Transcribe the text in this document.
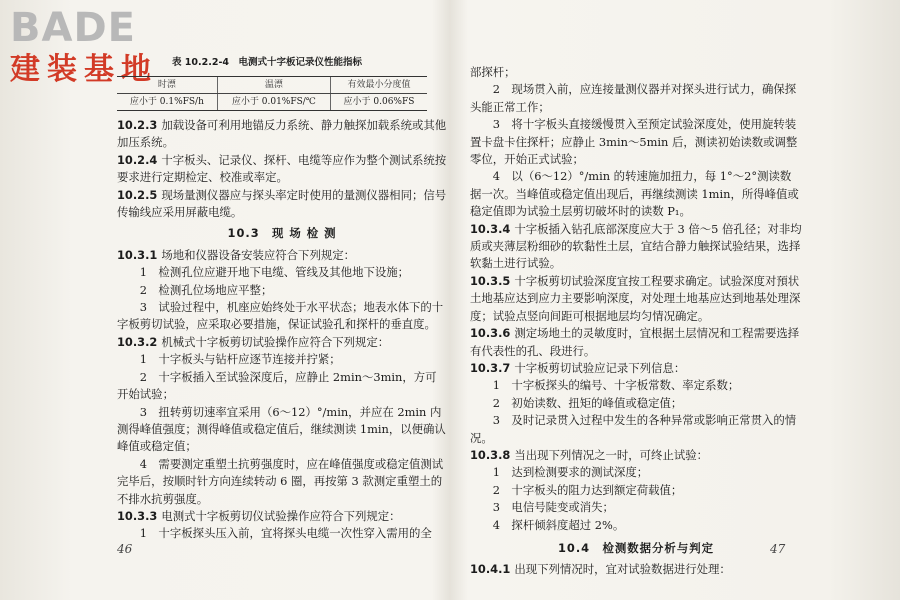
BADE
建装基地	表 10.2.2-4　电测式十字板记录仪性能指标
时漂	温漂	有效最小分度值
应小于 0.1%FS/h	应小于 0.01%FS/℃	应小于 0.06%FS

10.2.3 加载设备可利用地锚反力系统、静力触探加载系统或其他加压系统。

10.2.4 十字板头、记录仪、探杆、电缆等应作为整个测试系统按要求进行定期检定、校准或率定。

10.2.5 现场量测仪器应与探头率定时使用的量测仪器相同；信号传输线应采用屏蔽电缆。

10.3　现 场 检 测

10.3.1 场地和仪器设备安装应符合下列规定：

1　检测孔位应避开地下电缆、管线及其他地下设施；

2　检测孔位场地应平整；

3　试验过程中，机座应始终处于水平状态；地表水体下的十字板剪切试验，应采取必要措施，保证试验孔和探杆的垂直度。

10.3.2 机械式十字板剪切试验操作应符合下列规定：

1　十字板头与钻杆应逐节连接并拧紧；

2　十字板插入至试验深度后，应静止 2min～3min，方可开始试验；

3　扭转剪切速率宜采用（6～12）°/min，并应在 2min 内测得峰值强度；测得峰值或稳定值后，继续测读 1min，以便确认峰值或稳定值；

4　需要测定重塑土抗剪强度时，应在峰值强度或稳定值测试完毕后，按顺时针方向连续转动 6 圈，再按第 3 款测定重塑土的不排水抗剪强度。

10.3.3 电测式十字板剪切仪试验操作应符合下列规定：

1　十字板探头压入前，宜将探头电缆一次性穿入需用的全

46

部探杆；

2　现场贯入前，应连接量测仪器并对探头进行试力，确保探头能正常工作；

3　将十字板头直接缓慢贯入至预定试验深度处，使用旋转装置卡盘卡住探杆；应静止 3min～5min 后，测读初始读数或调整零位，开始正式试验；

4　以（6～12）°/min 的转速施加扭力，每 1°～2°测读数据一次。当峰值或稳定值出现后，再继续测读 1min，所得峰值或稳定值即为试验土层剪切破坏时的读数 P₁。

10.3.4 十字板插入钻孔底部深度应大于 3 倍～5 倍孔径；对非均质或夹薄层粉细砂的软黏性土层，宜结合静力触探试验结果，选择软黏土进行试验。

10.3.5 十字板剪切试验深度宜按工程要求确定。试验深度对預状土地基应达到应力主要影响深度，对处理土地基应达到地基处理深度；试验点竖向间距可根据地层均匀情况确定。

10.3.6 测定场地土的灵敏度时，宜根据土层情况和工程需要选择有代表性的孔、段进行。

10.3.7 十字板剪切试验应记录下列信息：

1　十字板探头的编号、十字板常数、率定系数；

2　初始读数、扭矩的峰值或稳定值；

3　及时记录贯入过程中发生的各种异常或影响正常贯入的情况。

10.3.8 当出现下列情况之一时，可终止试验：

1　达到检测要求的测试深度；

2　十字板头的阻力达到额定荷载值；

3　电信号陡变或消失；

4　探杆倾斜度超过 2%。

10.4　检测数据分析与判定

10.4.1 出现下列情况时，宜对试验数据进行处理：

47
